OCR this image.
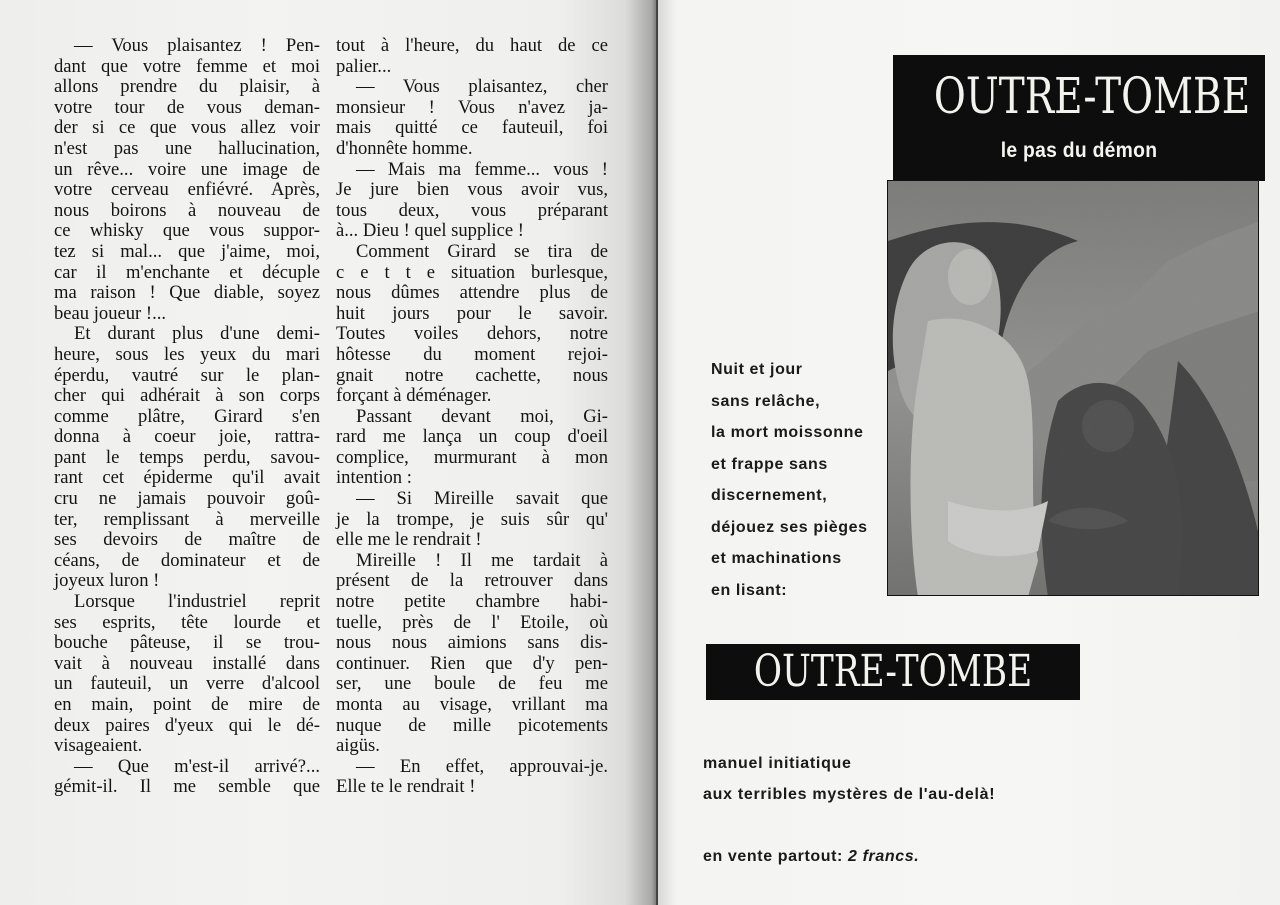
— Vous plaisantez ! Pen-
dant que votre femme et moi
allons prendre du plaisir, à
votre tour de vous deman-
der si ce que vous allez voir
n'est pas une hallucination,
un rêve... voire une image de
votre cerveau enfiévré. Après,
nous boirons à nouveau de
ce whisky que vous suppor-
tez si mal... que j'aime, moi,
car il m'enchante et décuple
ma raison ! Que diable, soyez
beau joueur !...
Et durant plus d'une demi-
heure, sous les yeux du mari
éperdu, vautré sur le plan-
cher qui adhérait à son corps
comme plâtre, Girard s'en
donna à coeur joie, rattra-
pant le temps perdu, savou-
rant cet épiderme qu'il avait
cru ne jamais pouvoir goû-
ter, remplissant à merveille
ses devoirs de maître de
céans, de dominateur et de
joyeux luron !
Lorsque l'industriel reprit
ses esprits, tête lourde et
bouche pâteuse, il se trou-
vait à nouveau installé dans
un fauteuil, un verre d'alcool
en main, point de mire de
deux paires d'yeux qui le dé-
visageaient.
— Que m'est-il arrivé?...
gémit-il. Il me semble que
tout à l'heure, du haut de ce
palier...
— Vous plaisantez, cher
monsieur ! Vous n'avez ja-
mais quitté ce fauteuil, foi
d'honnête homme.
— Mais ma femme... vous !
Je jure bien vous avoir vus,
tous deux, vous préparant
à... Dieu ! quel supplice !
Comment Girard se tira de
c e t t e situation burlesque,
nous dûmes attendre plus de
huit jours pour le savoir.
Toutes voiles dehors, notre
hôtesse du moment rejoi-
gnait notre cachette, nous
forçant à déménager.
Passant devant moi, Gi-
rard me lança un coup d'oeil
complice, murmurant à mon
intention :
— Si Mireille savait que
je la trompe, je suis sûr qu'
elle me le rendrait !
Mireille ! Il me tardait à
présent de la retrouver dans
notre petite chambre habi-
tuelle, près de l' Etoile, où
nous nous aimions sans dis-
continuer. Rien que d'y pen-
ser, une boule de feu me
monta au visage, vrillant ma
nuque de mille picotements
aigüs.
— En effet, approuvai-je.
Elle te le rendrait !
OUTRE-TOMBE
le pas du démon
Nuit et jour
sans relâche,
la mort moissonne
et frappe sans
discernement,
déjouez ses pièges
et machinations
en lisant:
OUTRE-TOMBE
manuel initiatique
aux terribles mystères de l'au-delà!
en vente partout: 2 francs.
